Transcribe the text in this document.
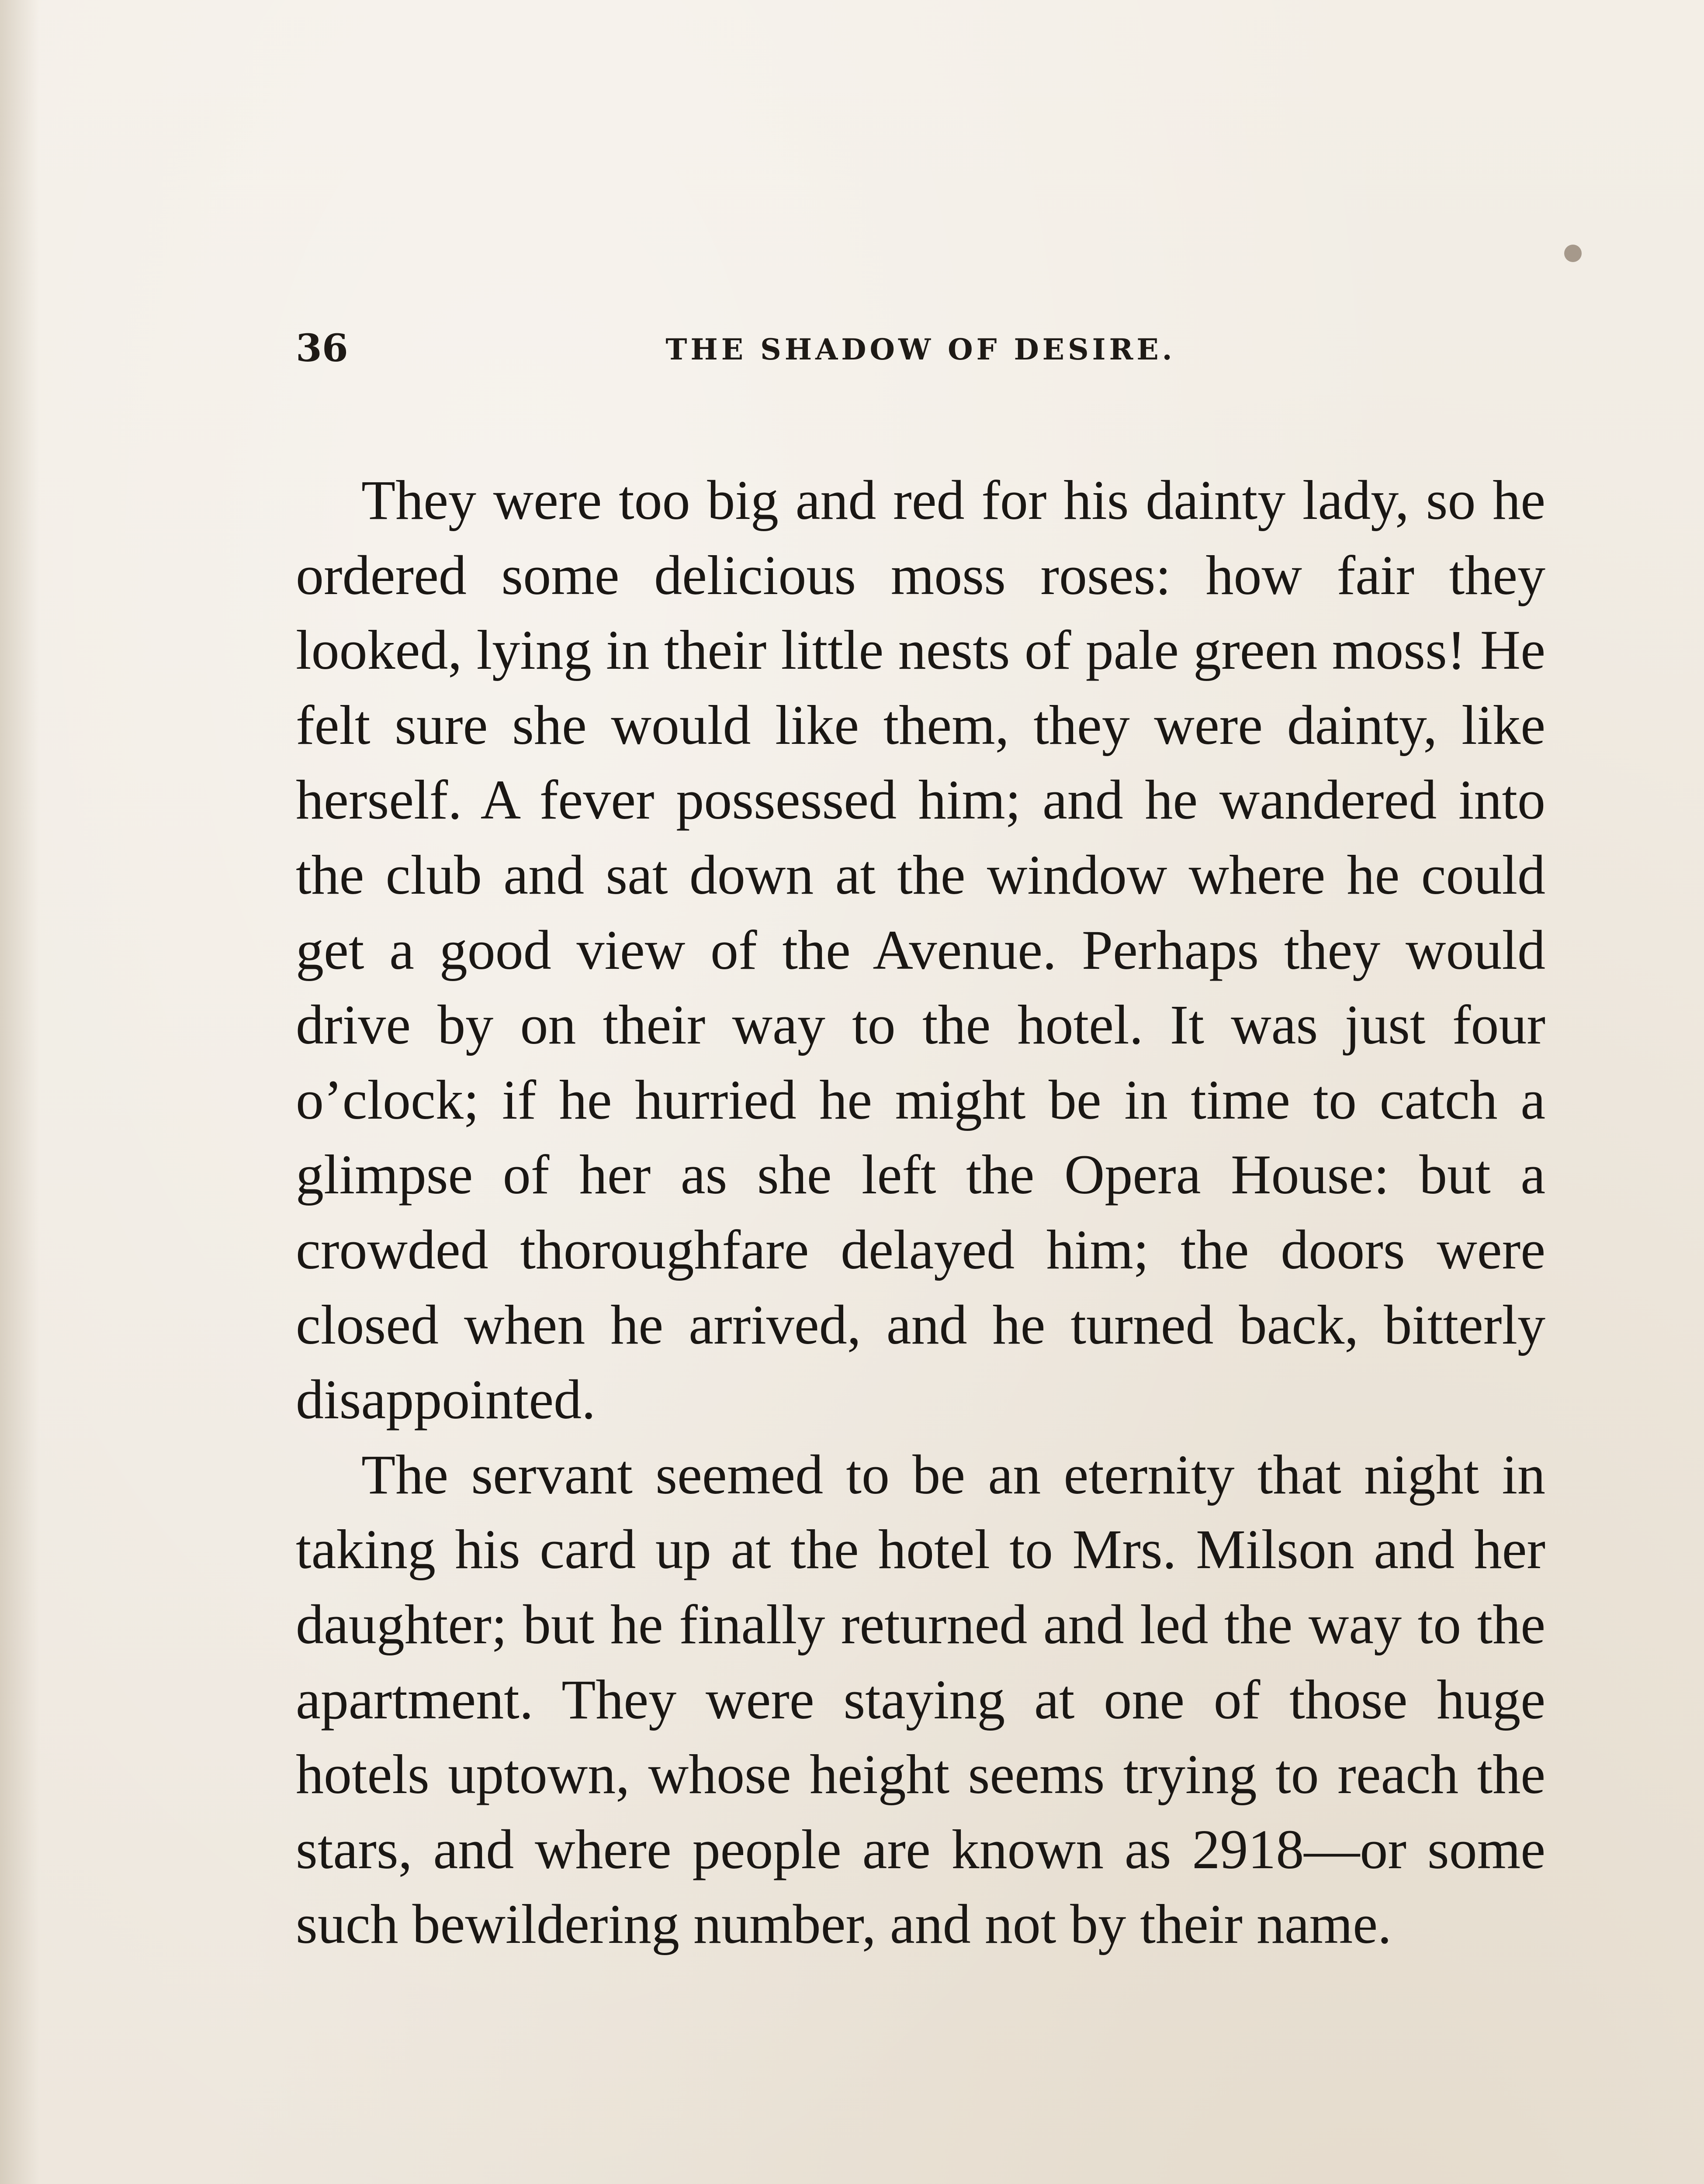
36	THE SHADOW OF DESIRE.

They were too big and red for his dainty lady, so he ordered some delicious moss roses: how fair they looked, lying in their little nests of pale green moss! He felt sure she would like them, they were dainty, like herself. A fever possessed him; and he wandered into the club and sat down at the window where he could get a good view of the Avenue. Perhaps they would drive by on their way to the hotel. It was just four o’clock; if he hurried he might be in time to catch a glimpse of her as she left the Opera House: but a crowded thoroughfare delayed him; the doors were closed when he arrived, and he turned back, bitterly disappointed.

The servant seemed to be an eternity that night in taking his card up at the hotel to Mrs. Milson and her daughter; but he finally returned and led the way to the apartment. They were staying at one of those huge hotels uptown, whose height seems trying to reach the stars, and where people are known as 2918—or some such bewildering number, and not by their name.
